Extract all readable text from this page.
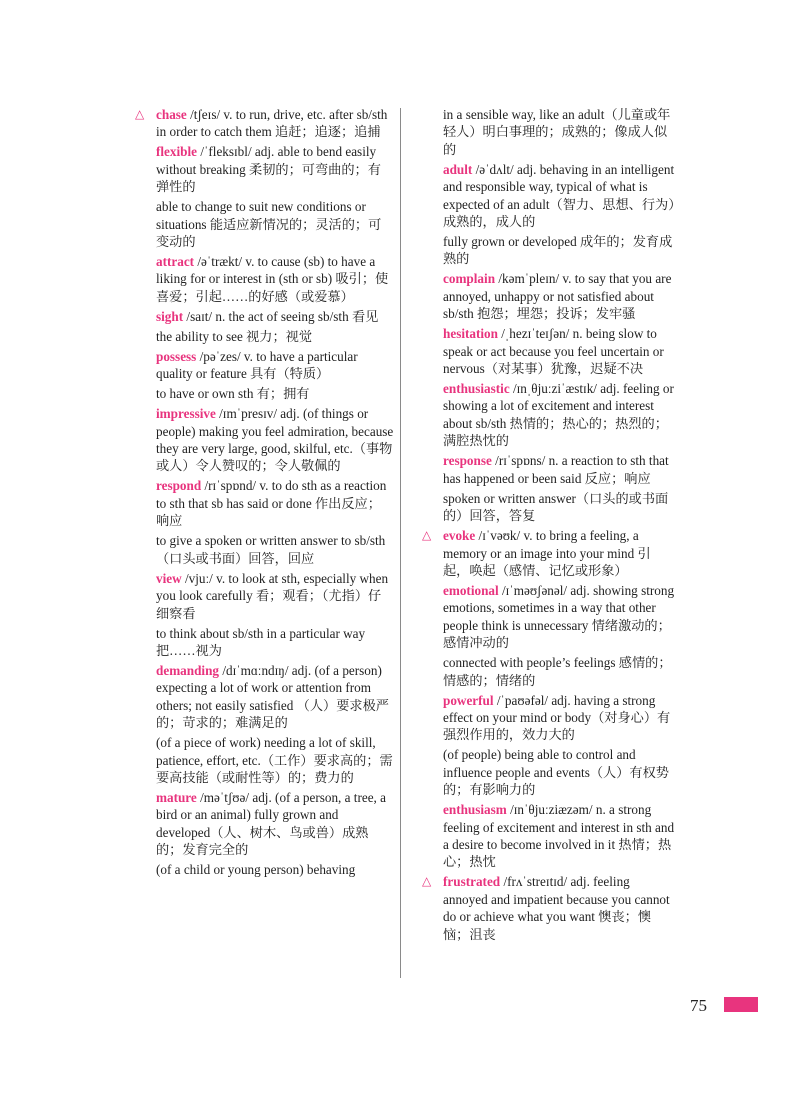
△ chase /tʃeɪs/ v. to run, drive, etc. after sb/sth in order to catch them 追赶；追逐；追捕

flexible /ˈfleksɪbl/ adj. able to bend easily without breaking 柔韧的；可弯曲的；有弹性的

able to change to suit new conditions or situations 能适应新情况的；灵活的；可变动的

attract /əˈtrækt/ v. to cause (sb) to have a liking for or interest in (sth or sb) 吸引；使喜爱；引起……的好感（或爱慕）

sight /saɪt/ n. the act of seeing sb/sth 看见

the ability to see 视力；视觉

possess /pəˈzes/ v. to have a particular quality or feature 具有（特质）

to have or own sth 有；拥有

impressive /ɪmˈpresɪv/ adj. (of things or people) making you feel admiration, because they are very large, good, skilful, etc.（事物或人）令人赞叹的；令人敬佩的

respond /rɪˈspɒnd/ v. to do sth as a reaction to sth that sb has said or done 作出反应；响应

to give a spoken or written answer to sb/sth （口头或书面）回答，回应

view /vjuː/ v. to look at sth, especially when you look carefully 看；观看；（尤指）仔细察看

to think about sb/sth in a particular way 把……视为

demanding /dɪˈmɑːndɪŋ/ adj. (of a person) expecting a lot of work or attention from others; not easily satisfied （人）要求极严的；苛求的；难满足的

(of a piece of work) needing a lot of skill, patience, effort, etc.（工作）要求高的；需要高技能（或耐性等）的；费力的

mature /məˈtʃʊə/ adj. (of a person, a tree, a bird or an animal) fully grown and developed（人、树木、鸟或兽）成熟的；发育完全的

(of a child or young person) behaving

in a sensible way, like an adult（儿童或年轻人）明白事理的；成熟的；像成人似的

adult /əˈdʌlt/ adj. behaving in an intelligent and responsible way, typical of what is expected of an adult（智力、思想、行为）成熟的，成人的

fully grown or developed 成年的；发育成熟的

complain /kəmˈpleɪn/ v. to say that you are annoyed, unhappy or not satisfied about sb/sth 抱怨；埋怨；投诉；发牢骚

hesitation /ˌhezɪˈteɪʃən/ n. being slow to speak or act because you feel uncertain or nervous（对某事）犹豫，迟疑不决

enthusiastic /ɪnˌθjuːziˈæstɪk/ adj. feeling or showing a lot of excitement and interest about sb/sth 热情的；热心的；热烈的；满腔热忱的

response /rɪˈspɒns/ n. a reaction to sth that has happened or been said 反应；响应

spoken or written answer（口头的或书面的）回答，答复

△ evoke /ɪˈvəʊk/ v. to bring a feeling, a memory or an image into your mind 引起，唤起（感情、记忆或形象）

emotional /ɪˈməʊʃənəl/ adj. showing strong emotions, sometimes in a way that other people think is unnecessary 情绪激动的；感情冲动的

connected with people’s feelings 感情的；情感的；情绪的

powerful /ˈpaʊəfəl/ adj. having a strong effect on your mind or body（对身心）有强烈作用的，效力大的

(of people) being able to control and influence people and events（人）有权势的；有影响力的

enthusiasm /ɪnˈθjuːziæzəm/ n. a strong feeling of excitement and interest in sth and a desire to become involved in it 热情；热心；热忱

△ frustrated /frʌˈstreɪtɪd/ adj. feeling annoyed and impatient because you cannot do or achieve what you want 懊丧；懊恼；沮丧

75
